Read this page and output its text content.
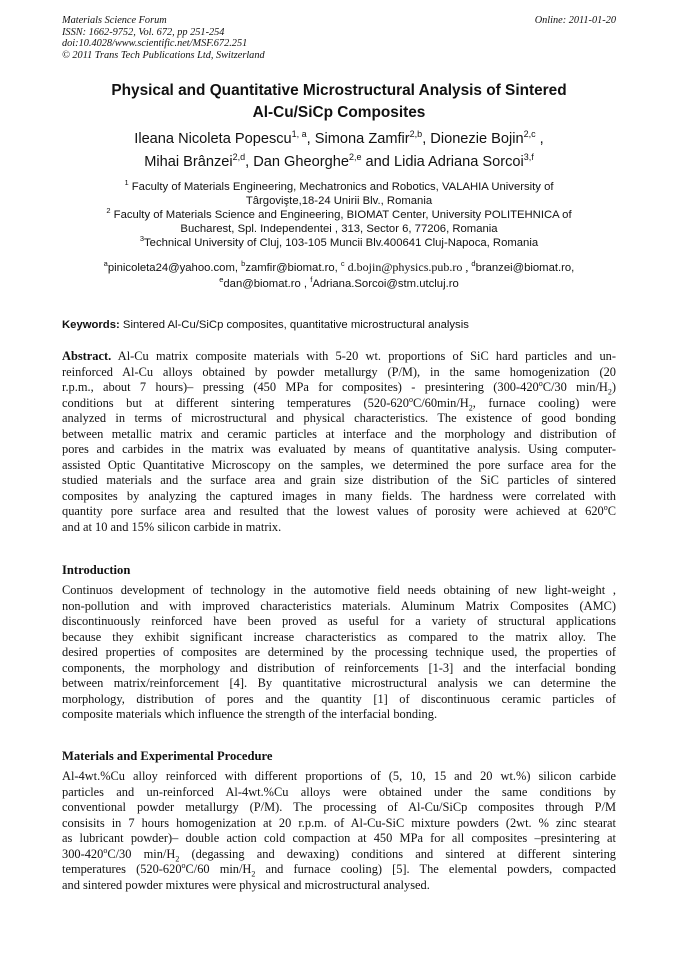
Materials Science Forum
ISSN: 1662-9752, Vol. 672, pp 251-254
doi:10.4028/www.scientific.net/MSF.672.251
© 2011 Trans Tech Publications Ltd, Switzerland
Online: 2011-01-20
Physical and Quantitative Microstructural Analysis of Sintered
Al-Cu/SiCp Composites
Ileana Nicoleta Popescu$^{1, a}$, Simona Zamfir$^{2,b}$, Dionezie Bojin$^{2,c}$ ,
Mihai Brânzei$^{2,d}$, Dan Gheorghe$^{2,e}$ and Lidia Adriana Sorcoi$^{3,f}$
$^1$ Faculty of Materials Engineering, Mechatronics and Robotics, VALAHIA University of
Târgovişte,18-24 Unirii Blv., Romania
$^2$ Faculty of Materials Science and Engineering, BIOMAT Center, University POLITEHNICA of
Bucharest, Spl. Independentei , 313, Sector 6, 77206, Romania
$^3$Technical University of Cluj, 103-105 Muncii Blv.400641 Cluj-Napoca, Romania
$^a$pinicoleta24@yahoo.com, $^b$zamfir@biomat.ro, $^c$ d.bojin@physics.pub.ro , $^d$branzei@biomat.ro,
$^e$dan@biomat.ro , $^f$Adriana.Sorcoi@stm.utcluj.ro
Keywords: Sintered Al-Cu/SiCp composites, quantitative microstructural analysis
Abstract. Al-Cu matrix composite materials with 5-20 wt. proportions of SiC hard particles and un-
reinforced Al-Cu alloys obtained by powder metallurgy (P/M), in the same homogenization (20
r.p.m., about 7 hours)– pressing (450 MPa for composites) - presintering (300-420$^o$C/30 $\min/H_2$)
conditions but at different sintering temperatures ($520-620^oC/60\min/H_2$, furnace cooling) were
analyzed in terms of microstructural and physical characteristics. The existence of good bonding
between metallic matrix and ceramic particles at interface and the morphology and distribution of
pores and carbides in the matrix was evaluated by means of quantitative analysis. Using computer-
assisted Optic Quantitative Microscopy on the samples, we determined the pore surface area for the
studied materials and the surface area and grain size distribution of the SiC particles of sintered
composites by analyzing the captured images in many fields. The hardness were correlated with
quantity pore surface area and resulted that the lowest values of porosity were achieved at 620$^o$C
and at 10 and 15% silicon carbide in matrix.
Introduction
Continuos development of technology in the automotive field needs obtaining of new light-weight ,
non-pollution and with improved characteristics materials. Aluminum Matrix Composites (AMC)
discontinuously reinforced have been proved as useful for a variety of structural applications
because they exhibit significant increase characteristics as compared to the matrix alloy. The
desired properties of composites are determined by the processing technique used, the properties of
components, the morphology and distribution of reinforcements [1-3] and the interfacial bonding
between matrix/reinforcement [4]. By quantitative microstructural analysis we can determine the
morphology, distribution of pores and the quantity [1] of discontinuous ceramic particles of
composite materials which influence the strength of the interfacial bonding.
Materials and Experimental Procedure
Al-4wt.%Cu alloy reinforced with different proportions of (5, 10, 15 and 20 wt.%) silicon carbide
particles and un-reinforced Al-4wt.%Cu alloys were obtained under the same conditions by
conventional powder metallurgy (P/M). The processing of Al-Cu/SiCp composites through P/M
consisits in 7 hours homogenization at 20 r.p.m. of Al-Cu-SiC mixture powders (2wt. % zinc stearat
as lubricant powder)– double action cold compaction at 450 MPa for all composites –presintering at
300-420$^o$C/30 $\min/H_2$ (degassing and dewaxing) conditions and sintered at different sintering
temperatures (520-620$^o$C/60 $\min/H_2$ and furnace cooling) [5]. The elemental powders, compacted
and sintered powder mixtures were physical and microstructural analysed.
